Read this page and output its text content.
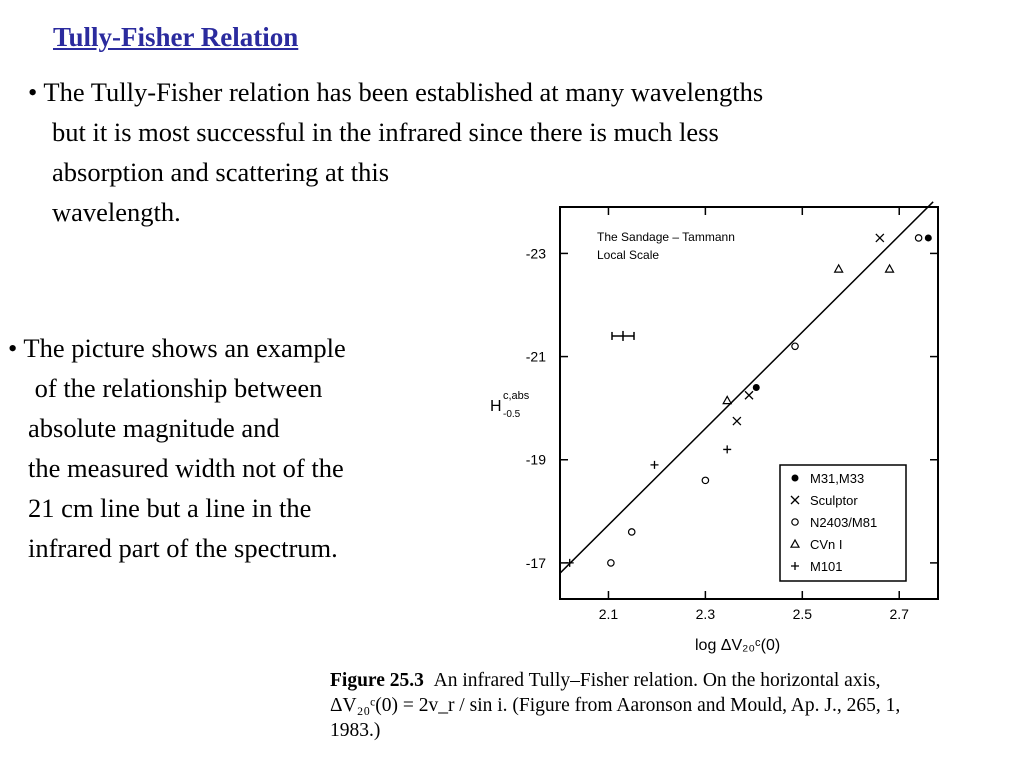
Tully-Fisher Relation
• The Tully-Fisher relation has been established at many wavelengths
but it is most successful in the infrared since there is much less
absorption and scattering at this
wavelength.
• The picture shows an example
of the relationship between
absolute magnitude and
the measured width not of the
21 cm line but a line in the
infrared part of the spectrum.
2.1	2.3	2.5	2.7
-23
-21
-19
-17
The Sandage – Tammann
Local Scale
H
c,abs
-0.5
log ΔV₂₀ᶜ(0)
M31,M33
Sculptor
N2403/M81
CVn I
M101
Figure 25.3 An infrared Tully–Fisher relation. On the horizontal axis,
ΔV₂₀ᶜ(0) = 2v_r / sin i. (Figure from Aaronson and Mould, Ap. J., 265, 1,
1983.)
